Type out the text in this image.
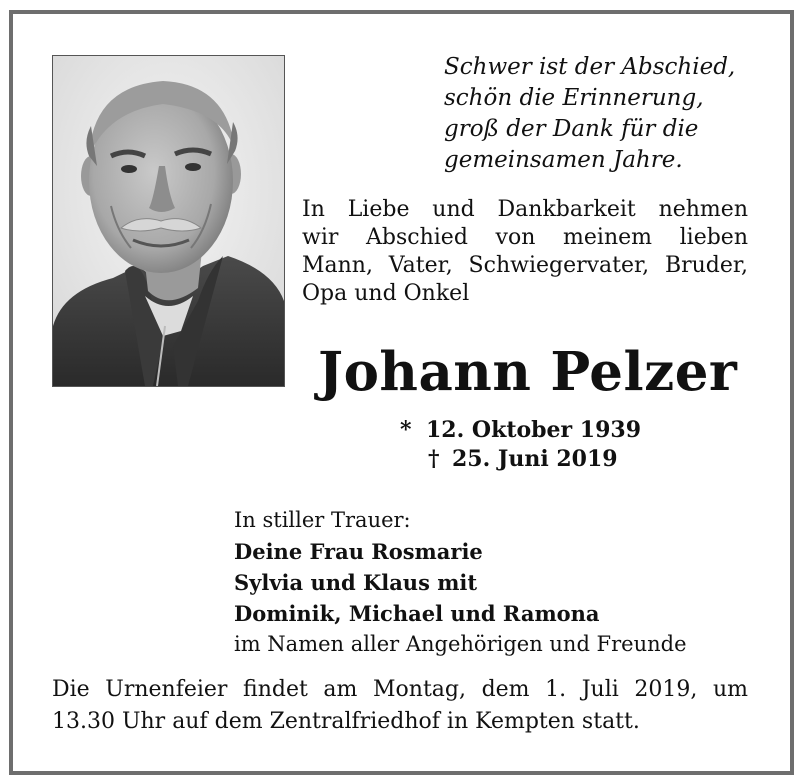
Schwer ist der Abschied,
schön die Erinnerung,
groß der Dank für die
gemeinsamen Jahre.
In Liebe und Dankbarkeit nehmen
wir Abschied von meinem lieben
Mann, Vater, Schwiegervater, Bruder,
Opa und Onkel
Johann Pelzer
* 12. Oktober 1939
† 25. Juni 2019
In stiller Trauer:
Deine Frau Rosmarie
Sylvia und Klaus mit
Dominik, Michael und Ramona
im Namen aller Angehörigen und Freunde
Die Urnenfeier findet am Montag, dem 1. Juli 2019, um
13.30 Uhr auf dem Zentralfriedhof in Kempten statt.
